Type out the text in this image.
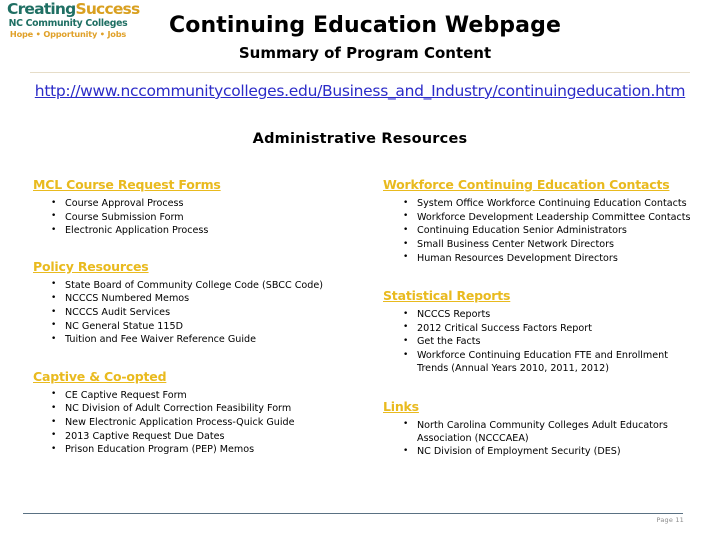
CreatingSuccess
NC Community Colleges
Hope • Opportunity • Jobs	Continuing Education Webpage
Summary of Program Content
http://www.nccommunitycolleges.edu/Business_and_Industry/continuingeducation.htm
Administrative Resources
MCL Course Request Forms
• Course Approval Process
• Course Submission Form
• Electronic Application Process
Policy Resources
• State Board of Community College Code (SBCC Code)
• NCCCS Numbered Memos
• NCCCS Audit Services
• NC General Statue 115D
• Tuition and Fee Waiver Reference Guide
Captive & Co-opted
• CE Captive Request Form
• NC Division of Adult Correction Feasibility Form
• New Electronic Application Process-Quick Guide
• 2013 Captive Request Due Dates
• Prison Education Program (PEP) Memos
Workforce Continuing Education Contacts
• System Office Workforce Continuing Education Contacts
• Workforce Development Leadership Committee Contacts
• Continuing Education Senior Administrators
• Small Business Center Network Directors
• Human Resources Development Directors
Statistical Reports
• NCCCS Reports
• 2012 Critical Success Factors Report
• Get the Facts
• Workforce Continuing Education FTE and Enrollment Trends (Annual Years 2010, 2011, 2012)
Links
• North Carolina Community Colleges Adult Educators Association (NCCCAEA)
• NC Division of Employment Security (DES)
Page 11
